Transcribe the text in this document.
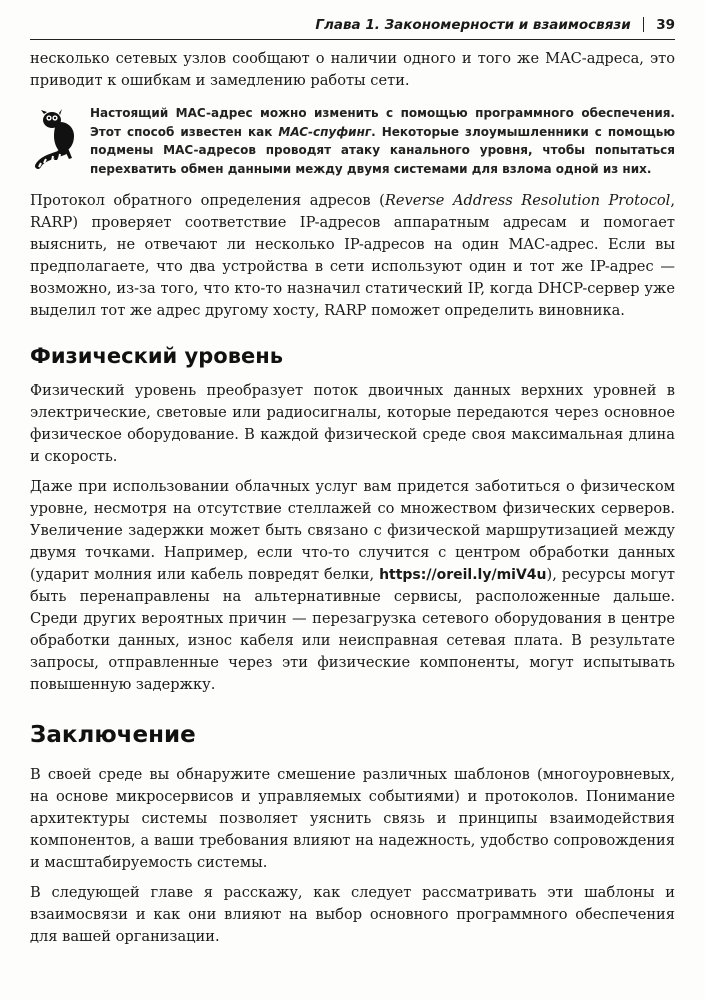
Глава 1. Закономерности и взаимосвязи 39

несколько сетевых узлов сообщают о наличии одного и того же MAC-адреса, это приводит к ошибкам и замедлению работы сети.

Настоящий MAC-адрес можно изменить с помощью программного обеспечения. Этот способ известен как MAC-спуфинг. Некоторые злоумышленники с помощью подмены MAC-адресов проводят атаку канального уровня, чтобы попытаться перехватить обмен данными между двумя системами для взлома одной из них.

Протокол обратного определения адресов (Reverse Address Resolution Protocol, RARP) проверяет соответствие IP-адресов аппаратным адресам и помогает выяснить, не отвечают ли несколько IP-адресов на один MAC-адрес. Если вы предполагаете, что два устройства в сети используют один и тот же IP-адрес — возможно, из-за того, что кто-то назначил статический IP, когда DHCP-сервер уже выделил тот же адрес другому хосту, RARP поможет определить виновника.

Физический уровень

Физический уровень преобразует поток двоичных данных верхних уровней в электрические, световые или радиосигналы, которые передаются через основное физическое оборудование. В каждой физической среде своя максимальная длина и скорость.

Даже при использовании облачных услуг вам придется заботиться о физическом уровне, несмотря на отсутствие стеллажей со множеством физических серверов. Увеличение задержки может быть связано с физической маршрутизацией между двумя точками. Например, если что-то случится с центром обработки данных (ударит молния или кабель повредят белки, https://oreil.ly/miV4u), ресурсы могут быть перенаправлены на альтернативные сервисы, расположенные дальше. Среди других вероятных причин — перезагрузка сетевого оборудования в центре обработки данных, износ кабеля или неисправная сетевая плата. В результате запросы, отправленные через эти физические компоненты, могут испытывать повышенную задержку.

Заключение

В своей среде вы обнаружите смешение различных шаблонов (многоуровневых, на основе микросервисов и управляемых событиями) и протоколов. Понимание архитектуры системы позволяет уяснить связь и принципы взаимодействия компонентов, а ваши требования влияют на надежность, удобство сопровождения и масштабируемость системы.

В следующей главе я расскажу, как следует рассматривать эти шаблоны и взаимосвязи и как они влияют на выбор основного программного обеспечения для вашей организации.
